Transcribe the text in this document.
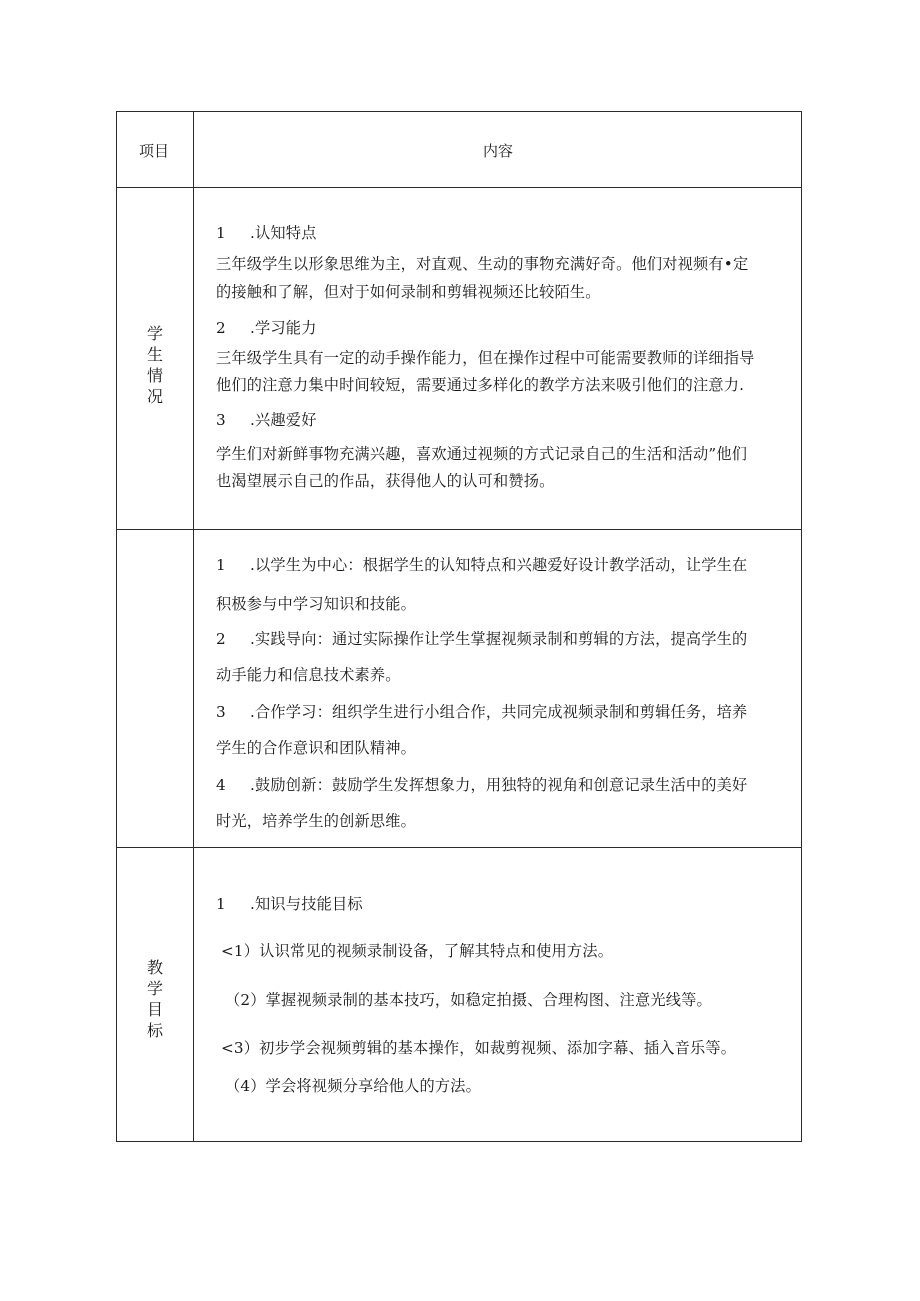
项目	内容
学
生
情
况
1 .认知特点
三年级学生以形象思维为主，对直观、生动的事物充满好奇。他们对视频有•定
的接触和了解，但对于如何录制和剪辑视频还比较陌生。
2 .学习能力
三年级学生具有一定的动手操作能力，但在操作过程中可能需要教师的详细指导
他们的注意力集中时间较短，需要通过多样化的教学方法来吸引他们的注意力.
3 .兴趣爱好
学生们对新鲜事物充满兴趣，喜欢通过视频的方式记录自己的生活和活动”他们
也渴望展示自己的作品，获得他人的认可和赞扬。
1 .以学生为中心：根据学生的认知特点和兴趣爱好设计教学活动，让学生在
积极参与中学习知识和技能。
2 .实践导向：通过实际操作让学生掌握视频录制和剪辑的方法，提高学生的
动手能力和信息技术素养。
3 .合作学习：组织学生进行小组合作，共同完成视频录制和剪辑任务，培养
学生的合作意识和团队精神。
4 .鼓励创新：鼓励学生发挥想象力，用独特的视角和创意记录生活中的美好
时光，培养学生的创新思维。
教
学
目
标
1 .知识与技能目标
<1）认识常见的视频录制设备，了解其特点和使用方法。
（2）掌握视频录制的基本技巧，如稳定拍摄、合理构图、注意光线等。
<3）初步学会视频剪辑的基本操作，如裁剪视频、添加字幕、插入音乐等。
（4）学会将视频分享给他人的方法。
